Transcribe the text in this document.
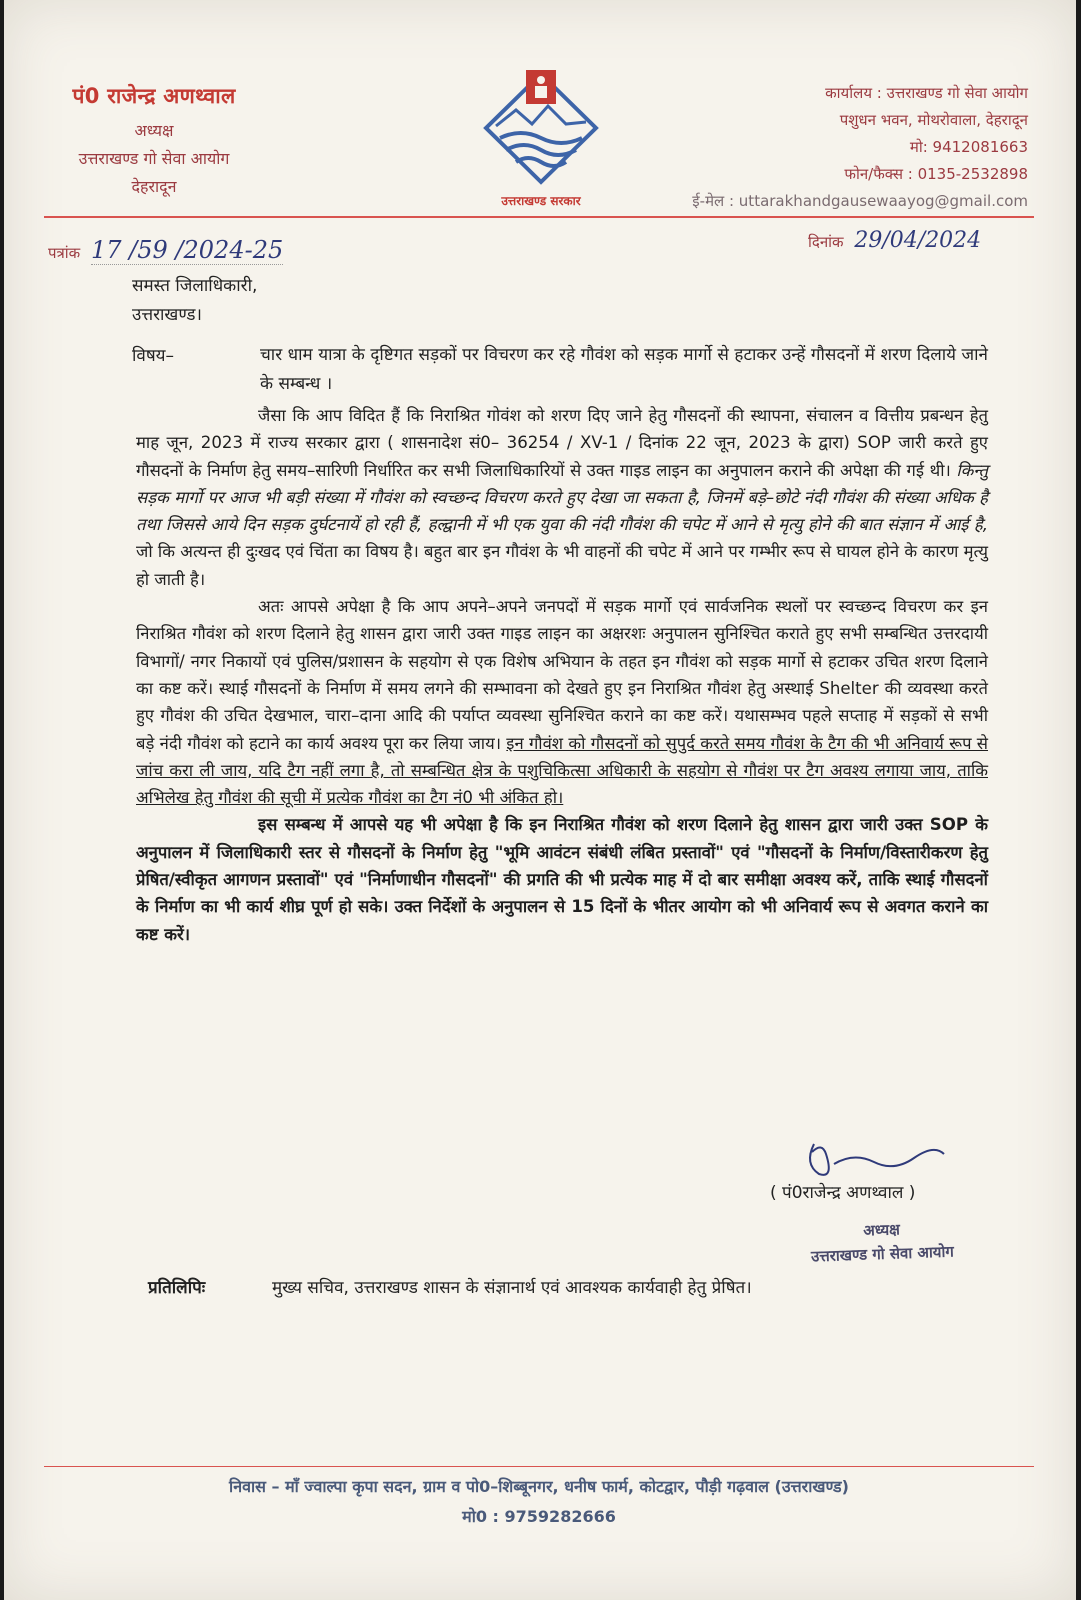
पं0 राजेन्द्र अणथ्वाल
अध्यक्ष
उत्तराखण्ड गो सेवा आयोग
देहरादून
उत्तराखण्ड सरकार
कार्यालय : उत्तराखण्ड गो सेवा आयोग
पशुधन भवन, मोथरोवाला, देहरादून
मो: 9412081663
फोन/फैक्स : 0135-2532898
ई-मेल : uttarakhandgausewaayog@gmail.com
पत्रांक 17 /59 /2024-25	दिनांक 29/04/2024
समस्त जिलाधिकारी,
उत्तराखण्ड।
विषय–	चार धाम यात्रा के दृष्टिगत सड़कों पर विचरण कर रहे गौवंश को सड़क मार्गो से हटाकर उन्हें गौसदनों में शरण दिलाये जाने के सम्बन्ध ।

जैसा कि आप विदित हैं कि निराश्रित गोवंश को शरण दिए जाने हेतु गौसदनों की स्थापना, संचालन व वित्तीय प्रबन्धन हेतु माह जून, 2023 में राज्य सरकार द्वारा ( शासनादेश सं0– 36254 / XV-1 / दिनांक 22 जून, 2023 के द्वारा) SOP जारी करते हुए गौसदनों के निर्माण हेतु समय–सारिणी निर्धारित कर सभी जिलाधिकारियों से उक्त गाइड लाइन का अनुपालन कराने की अपेक्षा की गई थी। किन्तु सड़क मार्गो पर आज भी बड़ी संख्या में गौवंश को स्वच्छन्द विचरण करते हुए देखा जा सकता है, जिनमें बड़े–छोटे नंदी गौवंश की संख्या अधिक है तथा जिससे आये दिन सड़क दुर्घटनायें हो रही हैं, हल्द्वानी में भी एक युवा की नंदी गौवंश की चपेट में आने से मृत्यु होने की बात संज्ञान में आई है, जो कि अत्यन्त ही दुःखद एवं चिंता का विषय है। बहुत बार इन गौवंश के भी वाहनों की चपेट में आने पर गम्भीर रूप से घायल होने के कारण मृत्यु हो जाती है।

अतः आपसे अपेक्षा है कि आप अपने–अपने जनपदों में सड़क मार्गो एवं सार्वजनिक स्थलों पर स्वच्छन्द विचरण कर इन निराश्रित गौवंश को शरण दिलाने हेतु शासन द्वारा जारी उक्त गाइड लाइन का अक्षरशः अनुपालन सुनिश्चित कराते हुए सभी सम्बन्धित उत्तरदायी विभागों/ नगर निकायों एवं पुलिस/प्रशासन के सहयोग से एक विशेष अभियान के तहत इन गौवंश को सड़क मार्गो से हटाकर उचित शरण दिलाने का कष्ट करें। स्थाई गौसदनों के निर्माण में समय लगने की सम्भावना को देखते हुए इन निराश्रित गौवंश हेतु अस्थाई Shelter की व्यवस्था करते हुए गौवंश की उचित देखभाल, चारा–दाना आदि की पर्याप्त व्यवस्था सुनिश्चित कराने का कष्ट करें। यथासम्भव पहले सप्ताह में सड़कों से सभी बड़े नंदी गौवंश को हटाने का कार्य अवश्य पूरा कर लिया जाय। इन गौवंश को गौसदनों को सुपुर्द करते समय गौवंश के टैग की भी अनिवार्य रूप से जांच करा ली जाय, यदि टैग नहीं लगा है, तो सम्बन्धित क्षेत्र के पशुचिकित्सा अधिकारी के सहयोग से गौवंश पर टैग अवश्य लगाया जाय, ताकि अभिलेख हेतु गौवंश की सूची में प्रत्येक गौवंश का टैग नं0 भी अंकित हो।

इस सम्बन्ध में आपसे यह भी अपेक्षा है कि इन निराश्रित गौवंश को शरण दिलाने हेतु शासन द्वारा जारी उक्त SOP के अनुपालन में जिलाधिकारी स्तर से गौसदनों के निर्माण हेतु "भूमि आवंटन संबंधी लंबित प्रस्तावों" एवं "गौसदनों के निर्माण/विस्तारीकरण हेतु प्रेषित/स्वीकृत आगणन प्रस्तावों" एवं "निर्माणाधीन गौसदनों" की प्रगति की भी प्रत्येक माह में दो बार समीक्षा अवश्य करें, ताकि स्थाई गौसदनों के निर्माण का भी कार्य शीघ्र पूर्ण हो सके। उक्त निर्देशों के अनुपालन से 15 दिनों के भीतर आयोग को भी अनिवार्य रूप से अवगत कराने का कष्ट करें।

( पं0राजेन्द्र अणथ्वाल )
अध्यक्ष
उत्तराखण्ड गो सेवा आयोग
प्रतिलिपिः	मुख्य सचिव, उत्तराखण्ड शासन के संज्ञानार्थ एवं आवश्यक कार्यवाही हेतु प्रेषित।
निवास – माँ ज्वाल्पा कृपा सदन, ग्राम व पो0–शिब्बूनगर, धनीष फार्म, कोटद्वार, पौड़ी गढ़वाल (उत्तराखण्ड)
मो0 : 9759282666
